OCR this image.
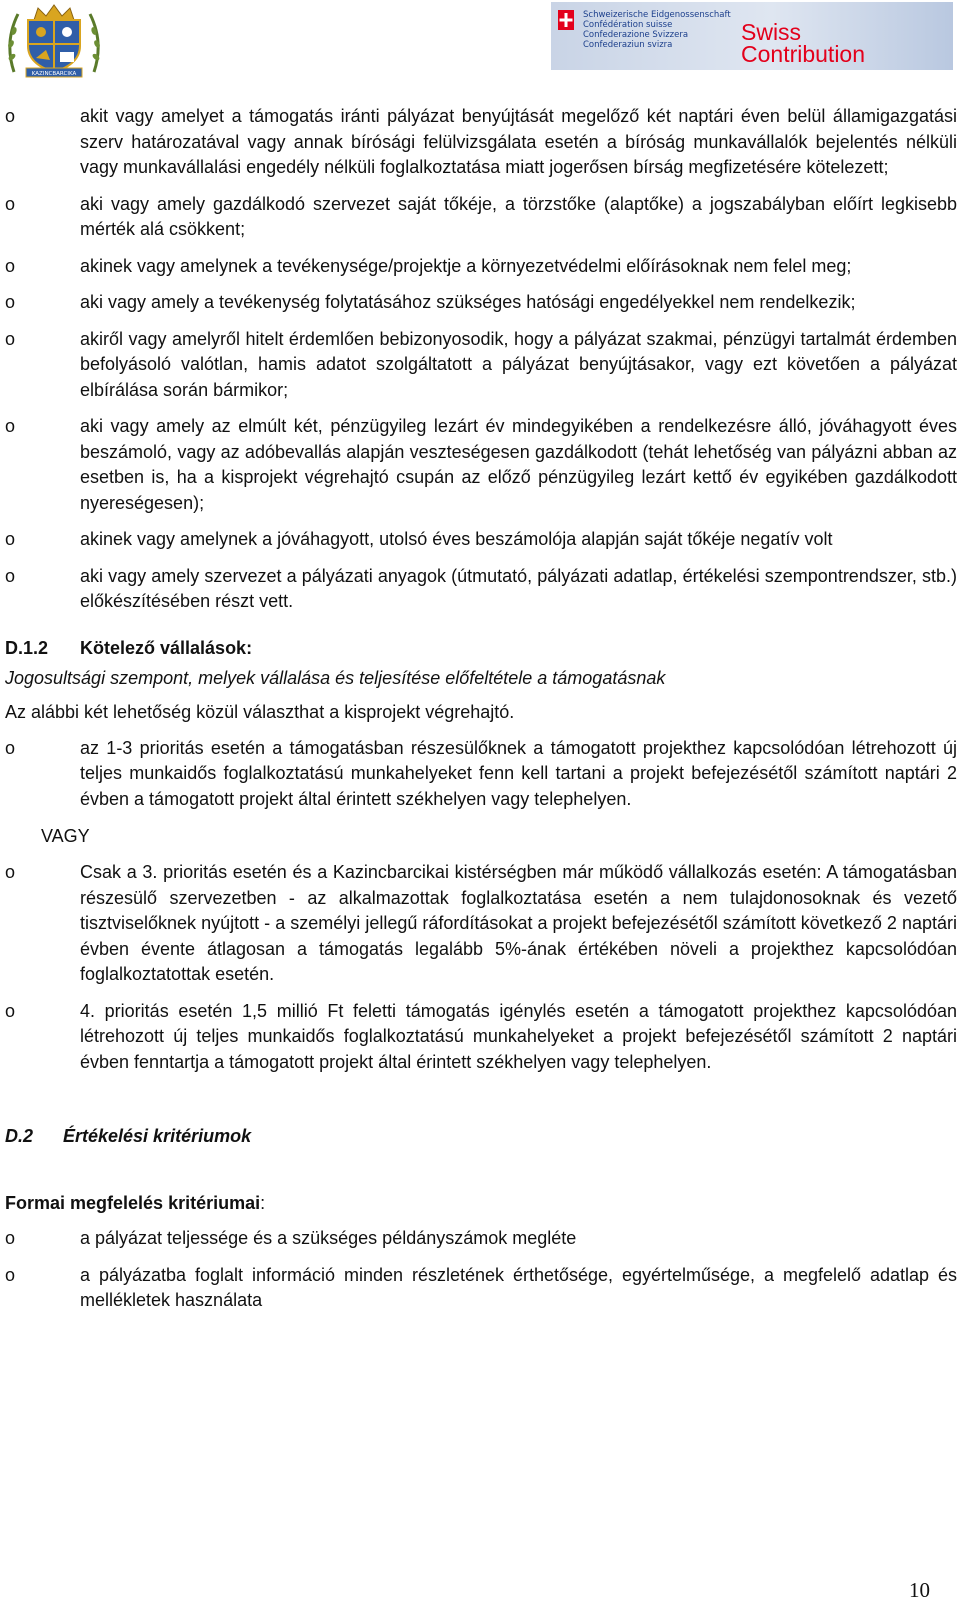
KAZINCBARCIKA
Schweizerische Eidgenossenschaft
Confédération suisse
Confederazione Svizzera
Confederaziun svizra	Swiss
Contribution
o	akit vagy amelyet a támogatás iránti pályázat benyújtását megelőző két naptári éven belül államigazgatási szerv határozatával vagy annak bírósági felülvizsgálata esetén a bíróság munkavállalók bejelentés nélküli vagy munkavállalási engedély nélküli foglalkoztatása miatt jogerősen bírság megfizetésére kötelezett;

o	aki vagy amely gazdálkodó szervezet saját tőkéje, a törzstőke (alaptőke) a jogszabályban előírt legkisebb mérték alá csökkent;

o	akinek vagy amelynek a tevékenysége/projektje a környezetvédelmi előírásoknak nem felel meg;

o	aki vagy amely a tevékenység folytatásához szükséges hatósági engedélyekkel nem rendelkezik;

o	akiről vagy amelyről hitelt érdemlően bebizonyosodik, hogy a pályázat szakmai, pénzügyi tartalmát érdemben befolyásoló valótlan, hamis adatot szolgáltatott a pályázat benyújtásakor, vagy ezt követően a pályázat elbírálása során bármikor;

o	aki vagy amely az elmúlt két, pénzügyileg lezárt év mindegyikében a rendelkezésre álló, jóváhagyott éves beszámoló, vagy az adóbevallás alapján veszteségesen gazdálkodott (tehát lehetőség van pályázni abban az esetben is, ha a kisprojekt végrehajtó csupán az előző pénzügyileg lezárt kettő év egyikében gazdálkodott nyereségesen);

o	akinek vagy amelynek a jóváhagyott, utolsó éves beszámolója alapján saját tőkéje negatív volt

o	aki vagy amely szervezet a pályázati anyagok (útmutató, pályázati adatlap, értékelési szempontrendszer, stb.) előkészítésében részt vett.

D.1.2 Kötelező vállalások:

Jogosultsági szempont, melyek vállalása és teljesítése előfeltétele a támogatásnak

Az alábbi két lehetőség közül választhat a kisprojekt végrehajtó.

o	az 1-3 prioritás esetén a támogatásban részesülőknek a támogatott projekthez kapcsolódóan létrehozott új teljes munkaidős foglalkoztatású munkahelyeket fenn kell tartani a projekt befejezésétől számított naptári 2 évben a támogatott projekt által érintett székhelyen vagy telephelyen.

VAGY

o	Csak a 3. prioritás esetén és a Kazincbarcikai kistérségben már működő vállalkozás esetén: A támogatásban részesülő szervezetben - az alkalmazottak foglalkoztatása esetén a nem tulajdonosoknak és vezető tisztviselőknek nyújtott - a személyi jellegű ráfordításokat a projekt befejezésétől számított következő 2 naptári évben évente átlagosan a támogatás legalább 5%-ának értékében növeli a projekthez kapcsolódóan foglalkoztatottak esetén.

o	4. prioritás esetén 1,5 millió Ft feletti támogatás igénylés esetén a támogatott projekthez kapcsolódóan létrehozott új teljes munkaidős foglalkoztatású munkahelyeket a projekt befejezésétől számított 2 naptári évben fenntartja a támogatott projekt által érintett székhelyen vagy telephelyen.

D.2 Értékelési kritériumok

Formai megfelelés kritériumai:

o	a pályázat teljessége és a szükséges példányszámok megléte

o	a pályázatba foglalt információ minden részletének érthetősége, egyértelműsége, a megfelelő adatlap és mellékletek használata

10
